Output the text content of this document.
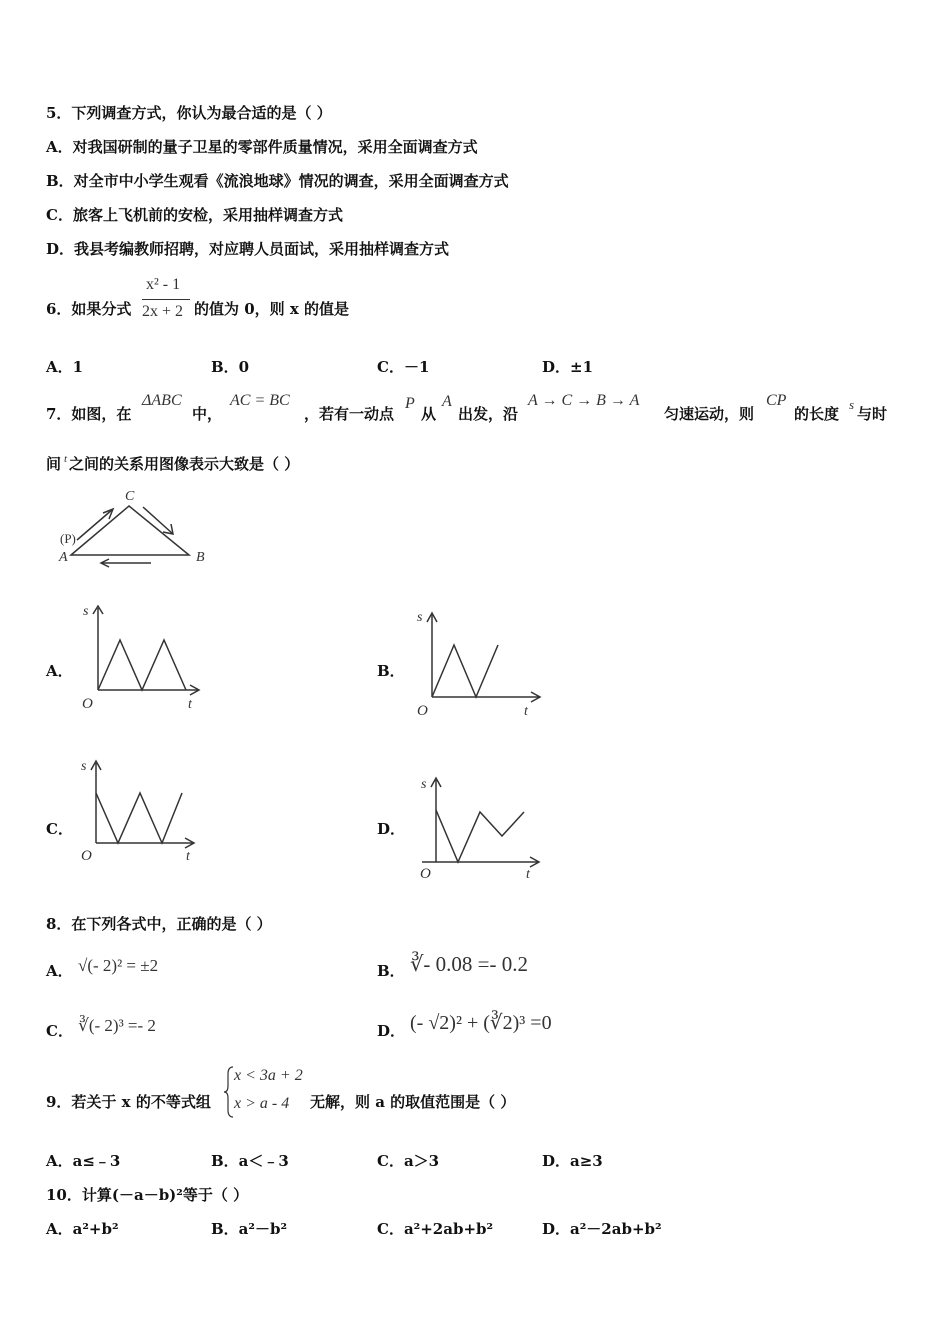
5．下列调查方式，你认为最合适的是（ ）
A．对我国研制的量子卫星的零部件质量情况，采用全面调查方式
B．对全市中小学生观看《流浪地球》情况的调查，采用全面调查方式
C．旅客上飞机前的安检，采用抽样调查方式
D．我县考编教师招聘，对应聘人员面试，采用抽样调查方式
6．如果分式
x² - 1
2x + 2 的值为 0，则 x 的值是
A．1	B．0	C．－1	D．±1
7．如图，在
ΔABC
中，
AC = BC
，若有一动点
P
从
A
出发，沿
A → C → B → A
匀速运动，则
CP
的长度
s
与时
间 t 之间的关系用图像表示大致是（ ）
C
(P)
A	B
A．
s
O	t
B．
s
O	t
C．
s
O	t
D．
s
O	t
8．在下列各式中，正确的是（ ）
A． √(- 2)² = ±2	B． ∛- 0.08 =- 0.2
C． ∛(- 2)³ =- 2	D． (- √2)² + (∛2)³ =0
9．若关于 x 的不等式组
x < 3a + 2
x > a - 4 无解，则 a 的取值范围是（ ）
A．a≤﹣3	B．a＜﹣3	C．a＞3	D．a≥3
10．计算(－a－b)²等于（ ）
A．a²+b²	B．a²－b²	C．a²+2ab+b²	D．a²－2ab+b²
